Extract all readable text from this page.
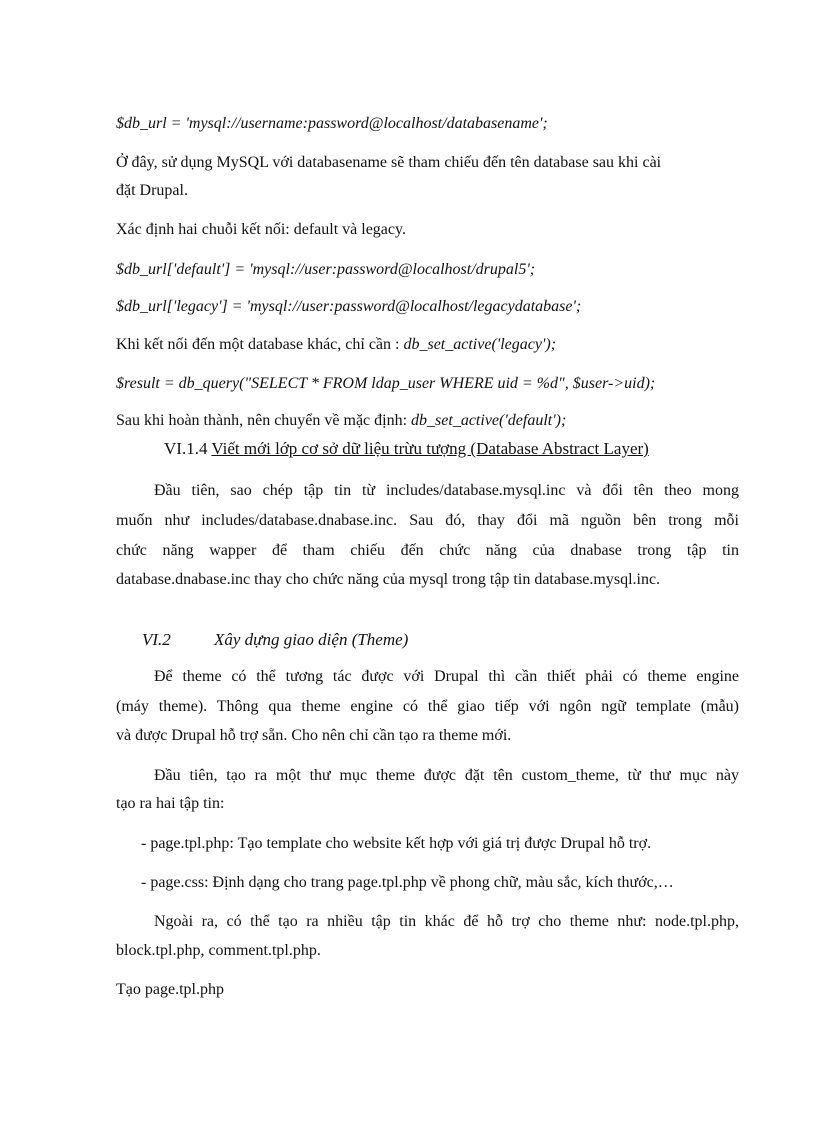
$db_url = 'mysql://username:password@localhost/databasename';
Ở đây, sử dụng MySQL với databasename sẽ tham chiếu đến tên database sau khi cài
đặt Drupal.
Xác định hai chuỗi kết nối: default và legacy.
$db_url['default'] = 'mysql://user:password@localhost/drupal5';
$db_url['legacy'] = 'mysql://user:password@localhost/legacydatabase';
Khi kết nối đến một database khác, chỉ cần : db_set_active('legacy');
$result = db_query("SELECT * FROM ldap_user WHERE uid = %d", $user->uid);
Sau khi hoàn thành, nên chuyển về mặc định: db_set_active('default');
VI.1.4 Viết mới lớp cơ sở dữ liệu trừu tượng (Database Abstract Layer)
Đầu tiên, sao chép tập tin từ includes/database.mysql.inc và đổi tên theo mong
muốn như includes/database.dnabase.inc. Sau đó, thay đổi mã nguồn bên trong mỗi
chức năng wapper để tham chiếu đến chức năng của dnabase trong tập tin
database.dnabase.inc thay cho chức năng của mysql trong tập tin database.mysql.inc.
VI.2	Xây dựng giao diện (Theme)
Để theme có thể tương tác được với Drupal thì cần thiết phải có theme engine
(máy theme). Thông qua theme engine có thể giao tiếp với ngôn ngữ template (mẫu)
và được Drupal hỗ trợ sẵn. Cho nên chỉ cần tạo ra theme mới.
Đầu tiên, tạo ra một thư mục theme được đặt tên custom_theme, từ thư mục này
tạo ra hai tập tin:
- page.tpl.php: Tạo template cho website kết hợp với giá trị được Drupal hỗ trợ.
- page.css: Định dạng cho trang page.tpl.php về phong chữ, màu sắc, kích thước,…
Ngoài ra, có thể tạo ra nhiều tập tin khác để hỗ trợ cho theme như: node.tpl.php,
block.tpl.php, comment.tpl.php.
Tạo page.tpl.php
